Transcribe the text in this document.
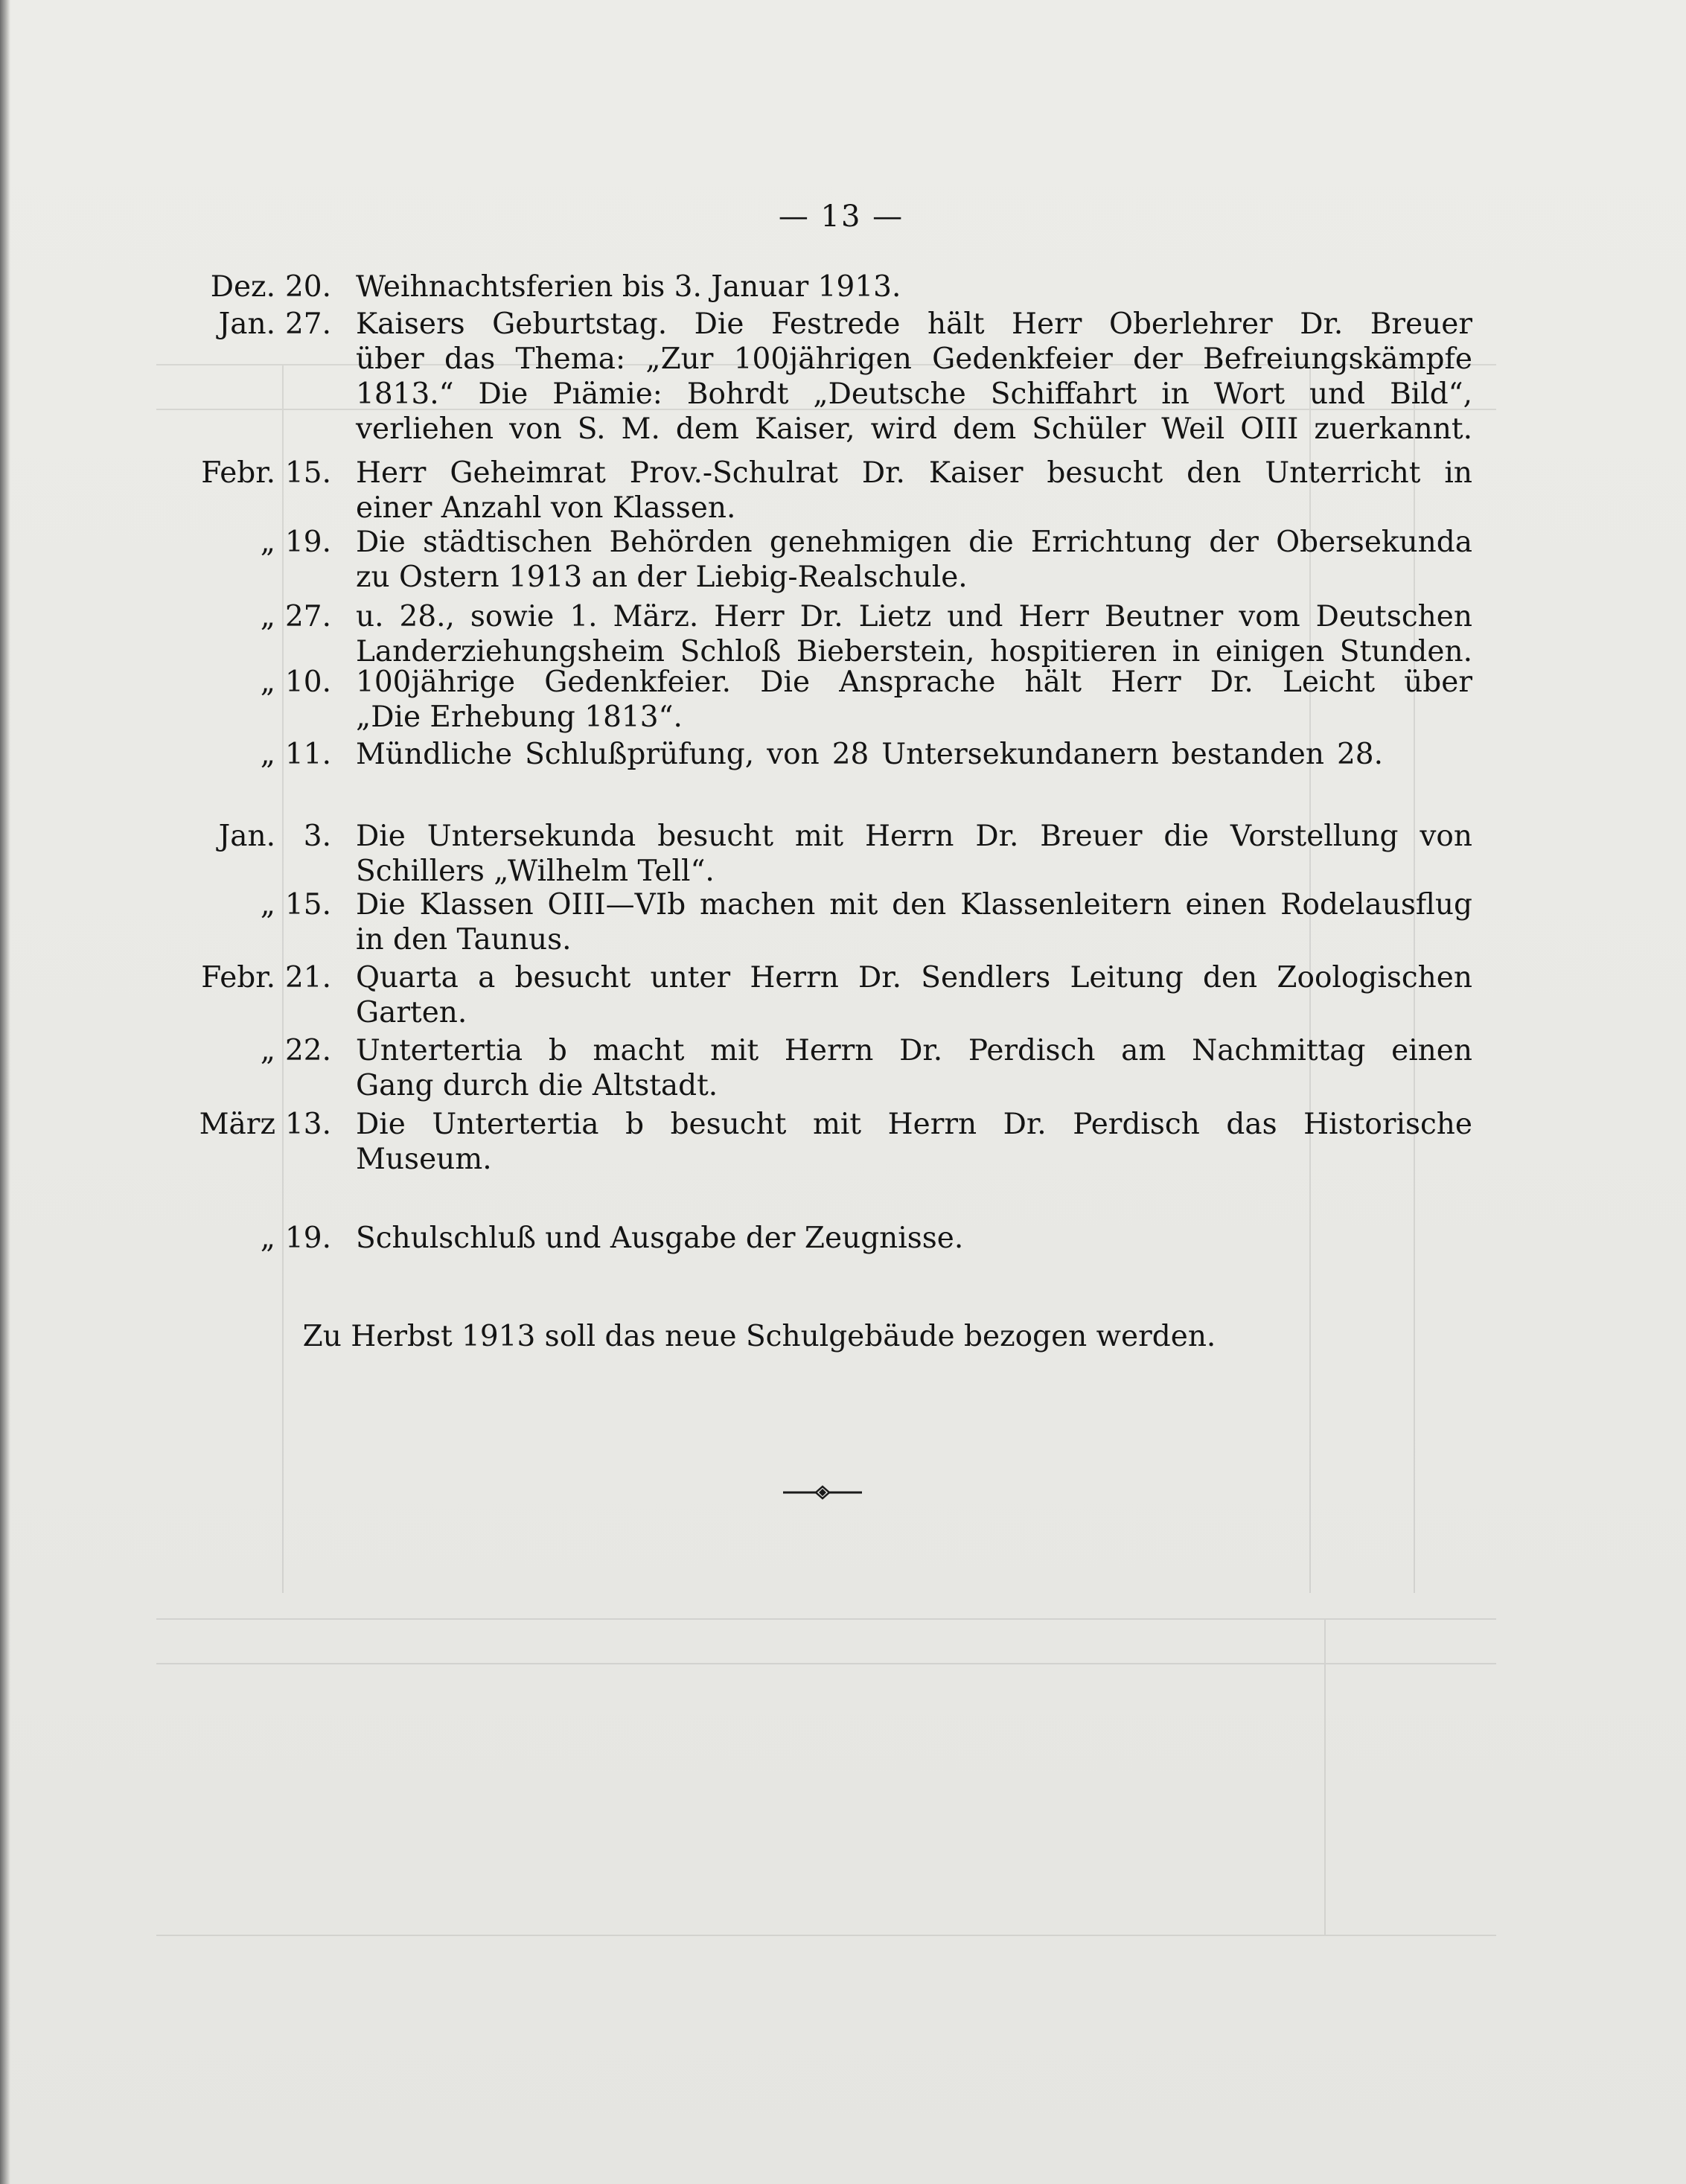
— 13 —
Dez. 20. Weihnachtsferien bis 3. Januar 1913.
Jan. 27. Kaisers Geburtstag. Die Festrede hält Herr Oberlehrer Dr. Breuer
über das Thema: „Zur 100jährigen Gedenkfeier der Befreiungskämpfe
1813.“ Die Pıämie: Bohrdt „Deutsche Schiffahrt in Wort und Bild“,
verliehen von S. M. dem Kaiser, wird dem Schüler Weil OIII zuerkannt.
Febr. 15. Herr Geheimrat Prov.-Schulrat Dr. Kaiser besucht den Unterricht in
einer Anzahl von Klassen.
„ 19. Die städtischen Behörden genehmigen die Errichtung der Obersekunda
zu Ostern 1913 an der Liebig-Realschule.
„ 27. u. 28., sowie 1. März. Herr Dr. Lietz und Herr Beutner vom Deutschen
Landerziehungsheim Schloß Bieberstein, hospitieren in einigen Stunden.
„ 10. 100jährige Gedenkfeier. Die Ansprache hält Herr Dr. Leicht über
„Die Erhebung 1813“.
„ 11. Mündliche Schlußprüfung, von 28 Untersekundanern bestanden 28.
Jan. 3. Die Untersekunda besucht mit Herrn Dr. Breuer die Vorstellung von
Schillers „Wilhelm Tell“.
„ 15. Die Klassen OIII—VIb machen mit den Klassenleitern einen Rodelausflug
in den Taunus.
Febr. 21. Quarta a besucht unter Herrn Dr. Sendlers Leitung den Zoologischen
Garten.
„ 22. Untertertia b macht mit Herrn Dr. Perdisch am Nachmittag einen
Gang durch die Altstadt.
März 13. Die Untertertia b besucht mit Herrn Dr. Perdisch das Historische
Museum.
„ 19. Schulschluß und Ausgabe der Zeugnisse.
Zu Herbst 1913 soll das neue Schulgebäude bezogen werden.
